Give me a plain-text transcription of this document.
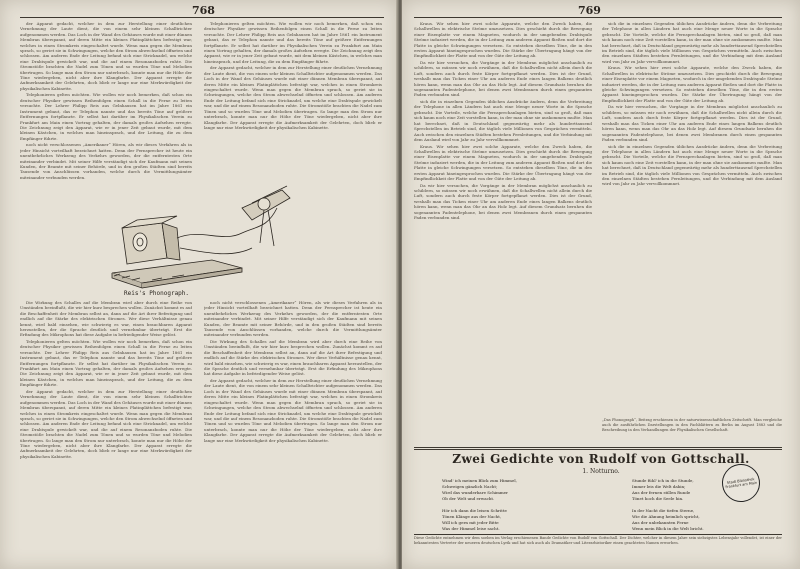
768

der Apparat gedacht, welcher in dem zur Herstellung einer deutlichen Vernehmung der Laute dient, die von einem sehr kleinen Schalltrichter aufgenommen werden. Das Loch in der Wand des Gehäuses wurde mit einer dünnen Membran überspannt, auf deren Mitte ein kleines Platinplättchen befestigt war, welches in einen Stromkreis eingeschaltet wurde. Wenn man gegen die Membran sprach, so geriet sie in Schwingungen, welche den Strom abwechselnd öffneten und schlossen. Am anderen Ende der Leitung befand sich eine Stricknadel, um welche eine Drahtspule gewickelt war, und die auf einem Resonanzboden ruhte. Die Stromstöße brachten die Nadel zum Tönen und so wurden Töne und Melodien übertragen. So lange man den Strom nur unterbrach, konnte man nur die Höhe der Töne wiedergeben, nicht aber ihre Klangfarbe. Der Apparat erregte die Aufmerksamkeit der Gelehrten, doch blieb er lange nur eine Merkwürdigkeit der physikalischen Kabinette.

Telephonieren gelten möchten. Wie wollen wir noch bemerken, daß schon ein deutscher Physiker gewissen Reihenfolgen einen Schall in die Ferne zu leiten versuchte. Der Lehrer Philipp Reis aus Gelnhausen hat im Jahre 1861 ein Instrument gebaut, das er Telephon nannte und das bereits Töne auf größere Entfernungen fortpflanzte. Er selbst hat darüber im Physikalischen Verein zu Frankfurt am Main einen Vortrag gehalten, der damals großes Aufsehen erregte. Die Zeichnung zeigt den Apparat, wie er in jener Zeit gebaut wurde, mit dem kleinen Kästchen, in welches man hineinsprach, und der Leitung, die zu dem Empfänger führte.

noch nicht verschlossenen „Amerikaner“ Hören, als wir dieses Verfahren als in jeder Hinsicht vorteilhaft bezeichnet hatten. Denn der Fernsprecher ist heute ein unentbehrliches Werkzeug des Verkehrs geworden, der die entferntesten Orte miteinander verbindet. Mit seiner Hilfe verständigt sich der Kaufmann mit seinen Kunden, der Beamte mit seiner Behörde, und in den großen Städten sind bereits Tausende von Anschlüssen vorhanden, welche durch die Vermittlungsämter miteinander verbunden werden.

Telephonieren gelten möchten. Wie wollen wir noch bemerken, daß schon ein deutscher Physiker gewissen Reihenfolgen einen Schall in die Ferne zu leiten versuchte. Der Lehrer Philipp Reis aus Gelnhausen hat im Jahre 1861 ein Instrument gebaut, das er Telephon nannte und das bereits Töne auf größere Entfernungen fortpflanzte. Er selbst hat darüber im Physikalischen Verein zu Frankfurt am Main einen Vortrag gehalten, der damals großes Aufsehen erregte. Die Zeichnung zeigt den Apparat, wie er in jener Zeit gebaut wurde, mit dem kleinen Kästchen, in welches man hineinsprach, und der Leitung, die zu dem Empfänger führte.

der Apparat gedacht, welcher in dem zur Herstellung einer deutlichen Vernehmung der Laute dient, die von einem sehr kleinen Schalltrichter aufgenommen werden. Das Loch in der Wand des Gehäuses wurde mit einer dünnen Membran überspannt, auf deren Mitte ein kleines Platinplättchen befestigt war, welches in einen Stromkreis eingeschaltet wurde. Wenn man gegen die Membran sprach, so geriet sie in Schwingungen, welche den Strom abwechselnd öffneten und schlossen. Am anderen Ende der Leitung befand sich eine Stricknadel, um welche eine Drahtspule gewickelt war, und die auf einem Resonanzboden ruhte. Die Stromstöße brachten die Nadel zum Tönen und so wurden Töne und Melodien übertragen. So lange man den Strom nur unterbrach, konnte man nur die Höhe der Töne wiedergeben, nicht aber ihre Klangfarbe. Der Apparat erregte die Aufmerksamkeit der Gelehrten, doch blieb er lange nur eine Merkwürdigkeit der physikalischen Kabinette.

Reis's Phonograph.

Die Wirkung des Schalles auf die Membran wird aber durch eine Reihe von Umständen beeinflußt, die wir hier kurz besprechen wollen. Zunächst kommt es auf die Beschaffenheit der Membran selbst an, dann auf die Art ihrer Befestigung und endlich auf die Stärke des elektrischen Stromes. Wer diese Verhältnisse genau kennt, wird bald einsehen, wie schwierig es war, einen brauchbaren Apparat herzustellen, der die Sprache deutlich und vernehmbar überträgt. Erst die Erfindung des Mikrophons hat diese Aufgabe in befriedigender Weise gelöst.

Telephonieren gelten möchten. Wie wollen wir noch bemerken, daß schon ein deutscher Physiker gewissen Reihenfolgen einen Schall in die Ferne zu leiten versuchte. Der Lehrer Philipp Reis aus Gelnhausen hat im Jahre 1861 ein Instrument gebaut, das er Telephon nannte und das bereits Töne auf größere Entfernungen fortpflanzte. Er selbst hat darüber im Physikalischen Verein zu Frankfurt am Main einen Vortrag gehalten, der damals großes Aufsehen erregte. Die Zeichnung zeigt den Apparat, wie er in jener Zeit gebaut wurde, mit dem kleinen Kästchen, in welches man hineinsprach, und der Leitung, die zu dem Empfänger führte.

der Apparat gedacht, welcher in dem zur Herstellung einer deutlichen Vernehmung der Laute dient, die von einem sehr kleinen Schalltrichter aufgenommen werden. Das Loch in der Wand des Gehäuses wurde mit einer dünnen Membran überspannt, auf deren Mitte ein kleines Platinplättchen befestigt war, welches in einen Stromkreis eingeschaltet wurde. Wenn man gegen die Membran sprach, so geriet sie in Schwingungen, welche den Strom abwechselnd öffneten und schlossen. Am anderen Ende der Leitung befand sich eine Stricknadel, um welche eine Drahtspule gewickelt war, und die auf einem Resonanzboden ruhte. Die Stromstöße brachten die Nadel zum Tönen und so wurden Töne und Melodien übertragen. So lange man den Strom nur unterbrach, konnte man nur die Höhe der Töne wiedergeben, nicht aber ihre Klangfarbe. Der Apparat erregte die Aufmerksamkeit der Gelehrten, doch blieb er lange nur eine Merkwürdigkeit der physikalischen Kabinette.

noch nicht verschlossenen „Amerikaner“ Hören, als wir dieses Verfahren als in jeder Hinsicht vorteilhaft bezeichnet hatten. Denn der Fernsprecher ist heute ein unentbehrliches Werkzeug des Verkehrs geworden, der die entferntesten Orte miteinander verbindet. Mit seiner Hilfe verständigt sich der Kaufmann mit seinen Kunden, der Beamte mit seiner Behörde, und in den großen Städten sind bereits Tausende von Anschlüssen vorhanden, welche durch die Vermittlungsämter miteinander verbunden werden.

Die Wirkung des Schalles auf die Membran wird aber durch eine Reihe von Umständen beeinflußt, die wir hier kurz besprechen wollen. Zunächst kommt es auf die Beschaffenheit der Membran selbst an, dann auf die Art ihrer Befestigung und endlich auf die Stärke des elektrischen Stromes. Wer diese Verhältnisse genau kennt, wird bald einsehen, wie schwierig es war, einen brauchbaren Apparat herzustellen, der die Sprache deutlich und vernehmbar überträgt. Erst die Erfindung des Mikrophons hat diese Aufgabe in befriedigender Weise gelöst.

der Apparat gedacht, welcher in dem zur Herstellung einer deutlichen Vernehmung der Laute dient, die von einem sehr kleinen Schalltrichter aufgenommen werden. Das Loch in der Wand des Gehäuses wurde mit einer dünnen Membran überspannt, auf deren Mitte ein kleines Platinplättchen befestigt war, welches in einen Stromkreis eingeschaltet wurde. Wenn man gegen die Membran sprach, so geriet sie in Schwingungen, welche den Strom abwechselnd öffneten und schlossen. Am anderen Ende der Leitung befand sich eine Stricknadel, um welche eine Drahtspule gewickelt war, und die auf einem Resonanzboden ruhte. Die Stromstöße brachten die Nadel zum Tönen und so wurden Töne und Melodien übertragen. So lange man den Strom nur unterbrach, konnte man nur die Höhe der Töne wiedergeben, nicht aber ihre Klangfarbe. Der Apparat erregte die Aufmerksamkeit der Gelehrten, doch blieb er lange nur eine Merkwürdigkeit der physikalischen Kabinette.

769

Kraus. Wir sehen hier zwei solche Apparate, welche den Zweck haben, die Schallwellen in elektrische Ströme umzusetzen. Dies geschieht durch die Bewegung einer Eisenplatte vor einem Magneten, wodurch in der umgebenden Drahtspule Ströme induziert werden, die in der Leitung zum anderen Apparat fließen und dort die Platte in gleiche Schwingungen versetzen. So entstehen dieselben Töne, die in den ersten Apparat hineingesprochen wurden. Die Stärke der Übertragung hängt von der Empfindlichkeit der Platte und von der Güte der Leitung ab.

Da wir hier versuchen, die Vorgänge in der Membran möglichst anschaulich zu schildern, so müssen wir noch erwähnen, daß die Schallwellen nicht allein durch die Luft, sondern auch durch feste Körper fortgepflanzt werden. Dies ist der Grund, weshalb man das Ticken einer Uhr am anderen Ende eines langen Balkens deutlich hören kann, wenn man das Ohr an das Holz legt. Auf diesem Grundsatz beruhen die sogenannten Fadentelephone, bei denen zwei Membranen durch einen gespannten Faden verbunden sind.

sich die in einzelnen Gegenden üblichen Ausdrücke ändern, denn die Verbreitung der Telephone in allen Ländern hat auch eine Menge neuer Worte in die Sprache gebracht. Die Vorteile, welche die Fernsprechanlagen bieten, sind so groß, daß man sich kaum noch eine Zeit vorstellen kann, in der man ohne sie auskommen mußte. Man hat berechnet, daß in Deutschland gegenwärtig mehr als hunderttausend Sprechstellen im Betrieb sind, die täglich viele Millionen von Gesprächen vermitteln. Auch zwischen den einzelnen Städten bestehen Fernleitungen, und die Verbindung mit dem Ausland wird von Jahr zu Jahr vervollkommnet.

Kraus. Wir sehen hier zwei solche Apparate, welche den Zweck haben, die Schallwellen in elektrische Ströme umzusetzen. Dies geschieht durch die Bewegung einer Eisenplatte vor einem Magneten, wodurch in der umgebenden Drahtspule Ströme induziert werden, die in der Leitung zum anderen Apparat fließen und dort die Platte in gleiche Schwingungen versetzen. So entstehen dieselben Töne, die in den ersten Apparat hineingesprochen wurden. Die Stärke der Übertragung hängt von der Empfindlichkeit der Platte und von der Güte der Leitung ab.

Da wir hier versuchen, die Vorgänge in der Membran möglichst anschaulich zu schildern, so müssen wir noch erwähnen, daß die Schallwellen nicht allein durch die Luft, sondern auch durch feste Körper fortgepflanzt werden. Dies ist der Grund, weshalb man das Ticken einer Uhr am anderen Ende eines langen Balkens deutlich hören kann, wenn man das Ohr an das Holz legt. Auf diesem Grundsatz beruhen die sogenannten Fadentelephone, bei denen zwei Membranen durch einen gespannten Faden verbunden sind.

sich die in einzelnen Gegenden üblichen Ausdrücke ändern, denn die Verbreitung der Telephone in allen Ländern hat auch eine Menge neuer Worte in die Sprache gebracht. Die Vorteile, welche die Fernsprechanlagen bieten, sind so groß, daß man sich kaum noch eine Zeit vorstellen kann, in der man ohne sie auskommen mußte. Man hat berechnet, daß in Deutschland gegenwärtig mehr als hunderttausend Sprechstellen im Betrieb sind, die täglich viele Millionen von Gesprächen vermitteln. Auch zwischen den einzelnen Städten bestehen Fernleitungen, und die Verbindung mit dem Ausland wird von Jahr zu Jahr vervollkommnet.

Kraus. Wir sehen hier zwei solche Apparate, welche den Zweck haben, die Schallwellen in elektrische Ströme umzusetzen. Dies geschieht durch die Bewegung einer Eisenplatte vor einem Magneten, wodurch in der umgebenden Drahtspule Ströme induziert werden, die in der Leitung zum anderen Apparat fließen und dort die Platte in gleiche Schwingungen versetzen. So entstehen dieselben Töne, die in den ersten Apparat hineingesprochen wurden. Die Stärke der Übertragung hängt von der Empfindlichkeit der Platte und von der Güte der Leitung ab.

Da wir hier versuchen, die Vorgänge in der Membran möglichst anschaulich zu schildern, so müssen wir noch erwähnen, daß die Schallwellen nicht allein durch die Luft, sondern auch durch feste Körper fortgepflanzt werden. Dies ist der Grund, weshalb man das Ticken einer Uhr am anderen Ende eines langen Balkens deutlich hören kann, wenn man das Ohr an das Holz legt. Auf diesem Grundsatz beruhen die sogenannten Fadentelephone, bei denen zwei Membranen durch einen gespannten Faden verbunden sind.

sich die in einzelnen Gegenden üblichen Ausdrücke ändern, denn die Verbreitung der Telephone in allen Ländern hat auch eine Menge neuer Worte in die Sprache gebracht. Die Vorteile, welche die Fernsprechanlagen bieten, sind so groß, daß man sich kaum noch eine Zeit vorstellen kann, in der man ohne sie auskommen mußte. Man hat berechnet, daß in Deutschland gegenwärtig mehr als hunderttausend Sprechstellen im Betrieb sind, die täglich viele Millionen von Gesprächen vermitteln. Auch zwischen den einzelnen Städten bestehen Fernleitungen, und die Verbindung mit dem Ausland wird von Jahr zu Jahr vervollkommnet.

„Das Phonograph“, Beitrag erschienen in der naturwissenschaftlichen Zeitschrift. Man vergleiche auch die ausführlichen Darstellungen in den Fachblättern zu Berlin im August 1883 und die Beschreibung in den Verhandlungen der Physikalischen Gesellschaft.
Zwei Gedichte von Rudolf von Gottschall.
1. Notturno.
Stadt Bibliothek Frankfurt am Main
Wind' ich meinen Blick zum Himmel,
Schweigen gänzlich Nacht;
Wird das wunderbare Schimmer
Ob der Welt und erwacht.

Hör ich dann die leisen Schritte
Tönen Klänge aus der Nacht,
Will ich gern mit jeder Bitte
Was der Himmel leise sacht.
Stunde fühl' ich in die Stunde,
Immer leis die Welt dahin;
Aus der fernen stillen Runde
Tönet hoch die Seele hin.

In der Nacht die tiefen Sterne,
Wie die Ahnung heimlich spricht,
Aus der unbekannten Ferne
Wenn mein Blick in die Welt bricht.
Diese Gedichte entnehmen wir dem soeben im Verlag erschienenen Bande Gedichte von Rudolf von Gottschall. Der Dichter, welcher in diesem Jahre sein siebzigstes Lebensjahr vollendet, ist einer der bekanntesten Vertreter der neueren deutschen Lyrik und hat sich auch als Dramatiker und Literarhistoriker einen geachteten Namen erworben.
